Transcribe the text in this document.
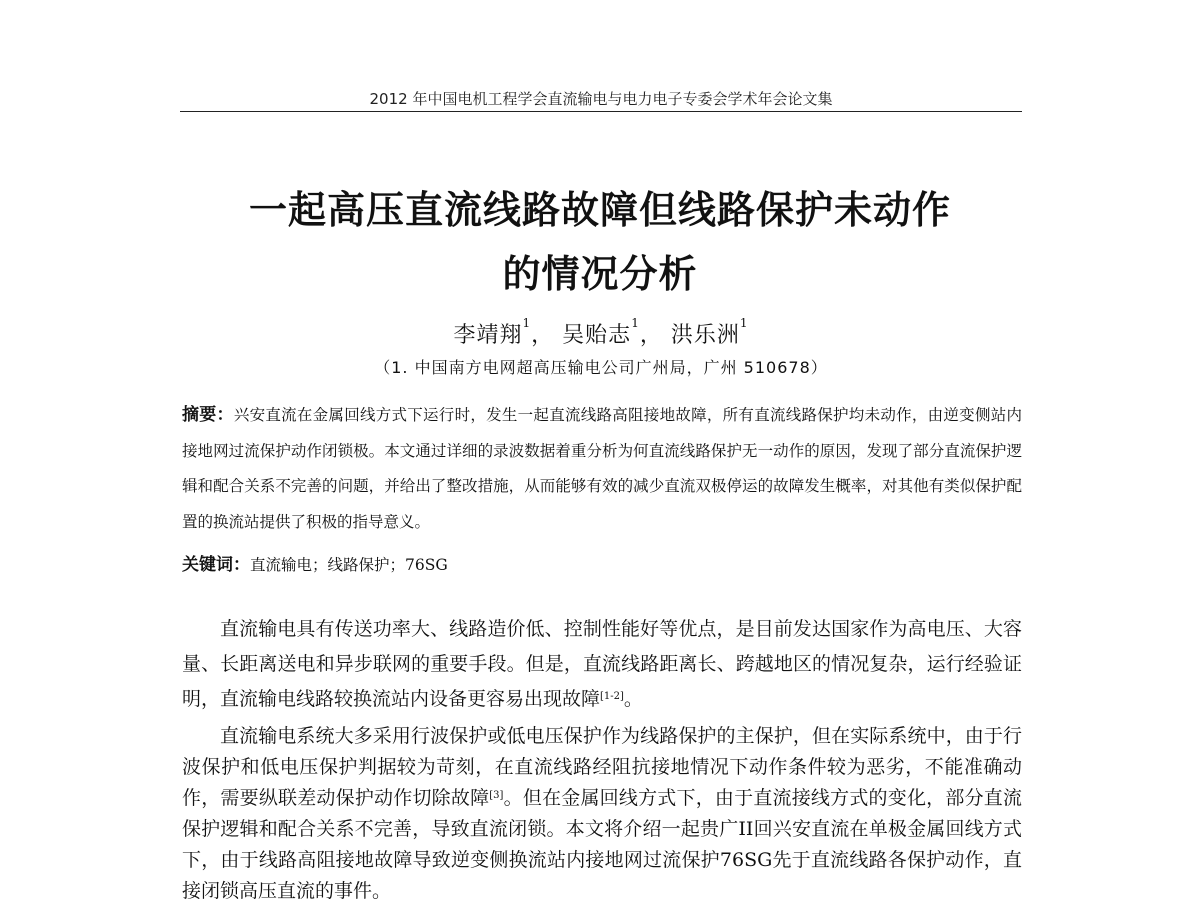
2012 年中国电机工程学会直流输电与电力电子专委会学术年会论文集
一起高压直流线路故障但线路保护未动作
的情况分析
李靖翔$^1$， 吴贻志$^1$， 洪乐洲$^1$
（1. 中国南方电网超高压输电公司广州局，广州 510678）

摘要：兴安直流在金属回线方式下运行时，发生一起直流线路高阻接地故障，所有直流线路保护均未动作，由逆变侧站内接地网过流保护动作闭锁极。本文通过详细的录波数据着重分析为何直流线路保护无一动作的原因，发现了部分直流保护逻辑和配合关系不完善的问题，并给出了整改措施，从而能够有效的减少直流双极停运的故障发生概率，对其他有类似保护配置的换流站提供了积极的指导意义。

关键词：直流输电；线路保护；76SG

直流输电具有传送功率大、线路造价低、控制性能好等优点，是目前发达国家作为高电压、大容量、长距离送电和异步联网的重要手段。但是，直流线路距离长、跨越地区的情况复杂，运行经验证明，直流输电线路较换流站内设备更容易出现故障[1-2]。

直流输电系统大多采用行波保护或低电压保护作为线路保护的主保护，但在实际系统中，由于行波保护和低电压保护判据较为苛刻，在直流线路经阻抗接地情况下动作条件较为恶劣，不能准确动作，需要纵联差动保护动作切除故障[3]。但在金属回线方式下，由于直流接线方式的变化，部分直流保护逻辑和配合关系不完善，导致直流闭锁。本文将介绍一起贵广II回兴安直流在单极金属回线方式下，由于线路高阻接地故障导致逆变侧换流站内接地网过流保护76SG先于直流线路各保护动作，直接闭锁高压直流的事件。
